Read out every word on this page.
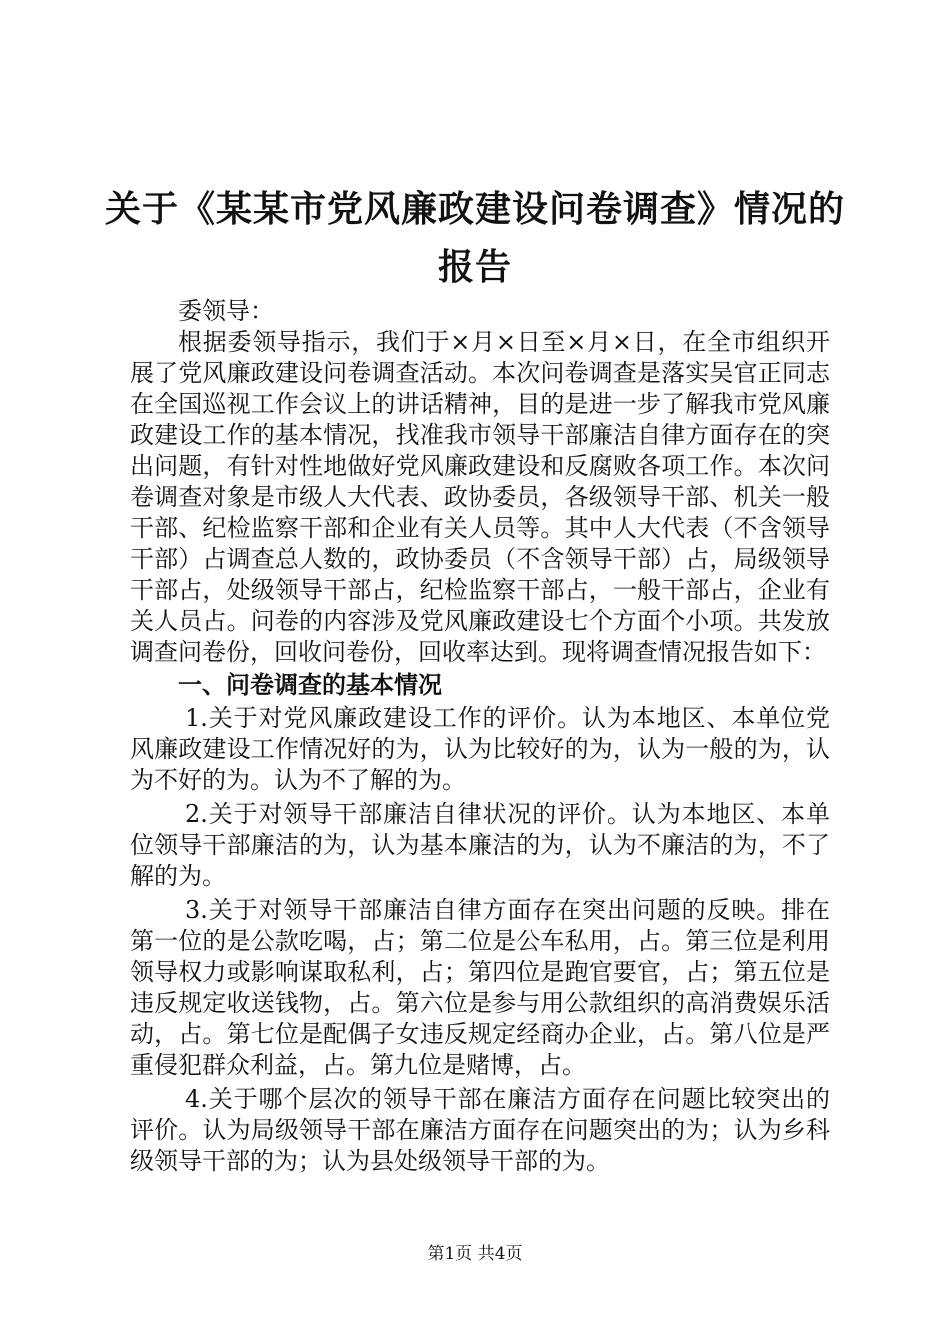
关于《某某市党风廉政建设问卷调查》情况的报告

委领导：

根据委领导指示，我们于×月×日至×月×日，在全市组织开展了党风廉政建设问卷调查活动。本次问卷调查是落实吴官正同志在全国巡视工作会议上的讲话精神，目的是进一步了解我市党风廉政建设工作的基本情况，找准我市领导干部廉洁自律方面存在的突出问题，有针对性地做好党风廉政建设和反腐败各项工作。本次问卷调查对象是市级人大代表、政协委员，各级领导干部、机关一般干部、纪检监察干部和企业有关人员等。其中人大代表（不含领导干部）占调查总人数的，政协委员（不含领导干部）占，局级领导干部占，处级领导干部占，纪检监察干部占，一般干部占，企业有关人员占。问卷的内容涉及党风廉政建设七个方面个小项。共发放调查问卷份，回收问卷份，回收率达到。现将调查情况报告如下：

一、问卷调查的基本情况

1.关于对党风廉政建设工作的评价。认为本地区、本单位党风廉政建设工作情况好的为，认为比较好的为，认为一般的为，认为不好的为。认为不了解的为。

2.关于对领导干部廉洁自律状况的评价。认为本地区、本单位领导干部廉洁的为，认为基本廉洁的为，认为不廉洁的为，不了解的为。

3.关于对领导干部廉洁自律方面存在突出问题的反映。排在第一位的是公款吃喝，占；第二位是公车私用，占。第三位是利用领导权力或影响谋取私利，占；第四位是跑官要官，占；第五位是违反规定收送钱物，占。第六位是参与用公款组织的高消费娱乐活动，占。第七位是配偶子女违反规定经商办企业，占。第八位是严重侵犯群众利益，占。第九位是赌博，占。

4.关于哪个层次的领导干部在廉洁方面存在问题比较突出的评价。认为局级领导干部在廉洁方面存在问题突出的为；认为乡科级领导干部的为；认为县处级领导干部的为。

第1页 共4页
